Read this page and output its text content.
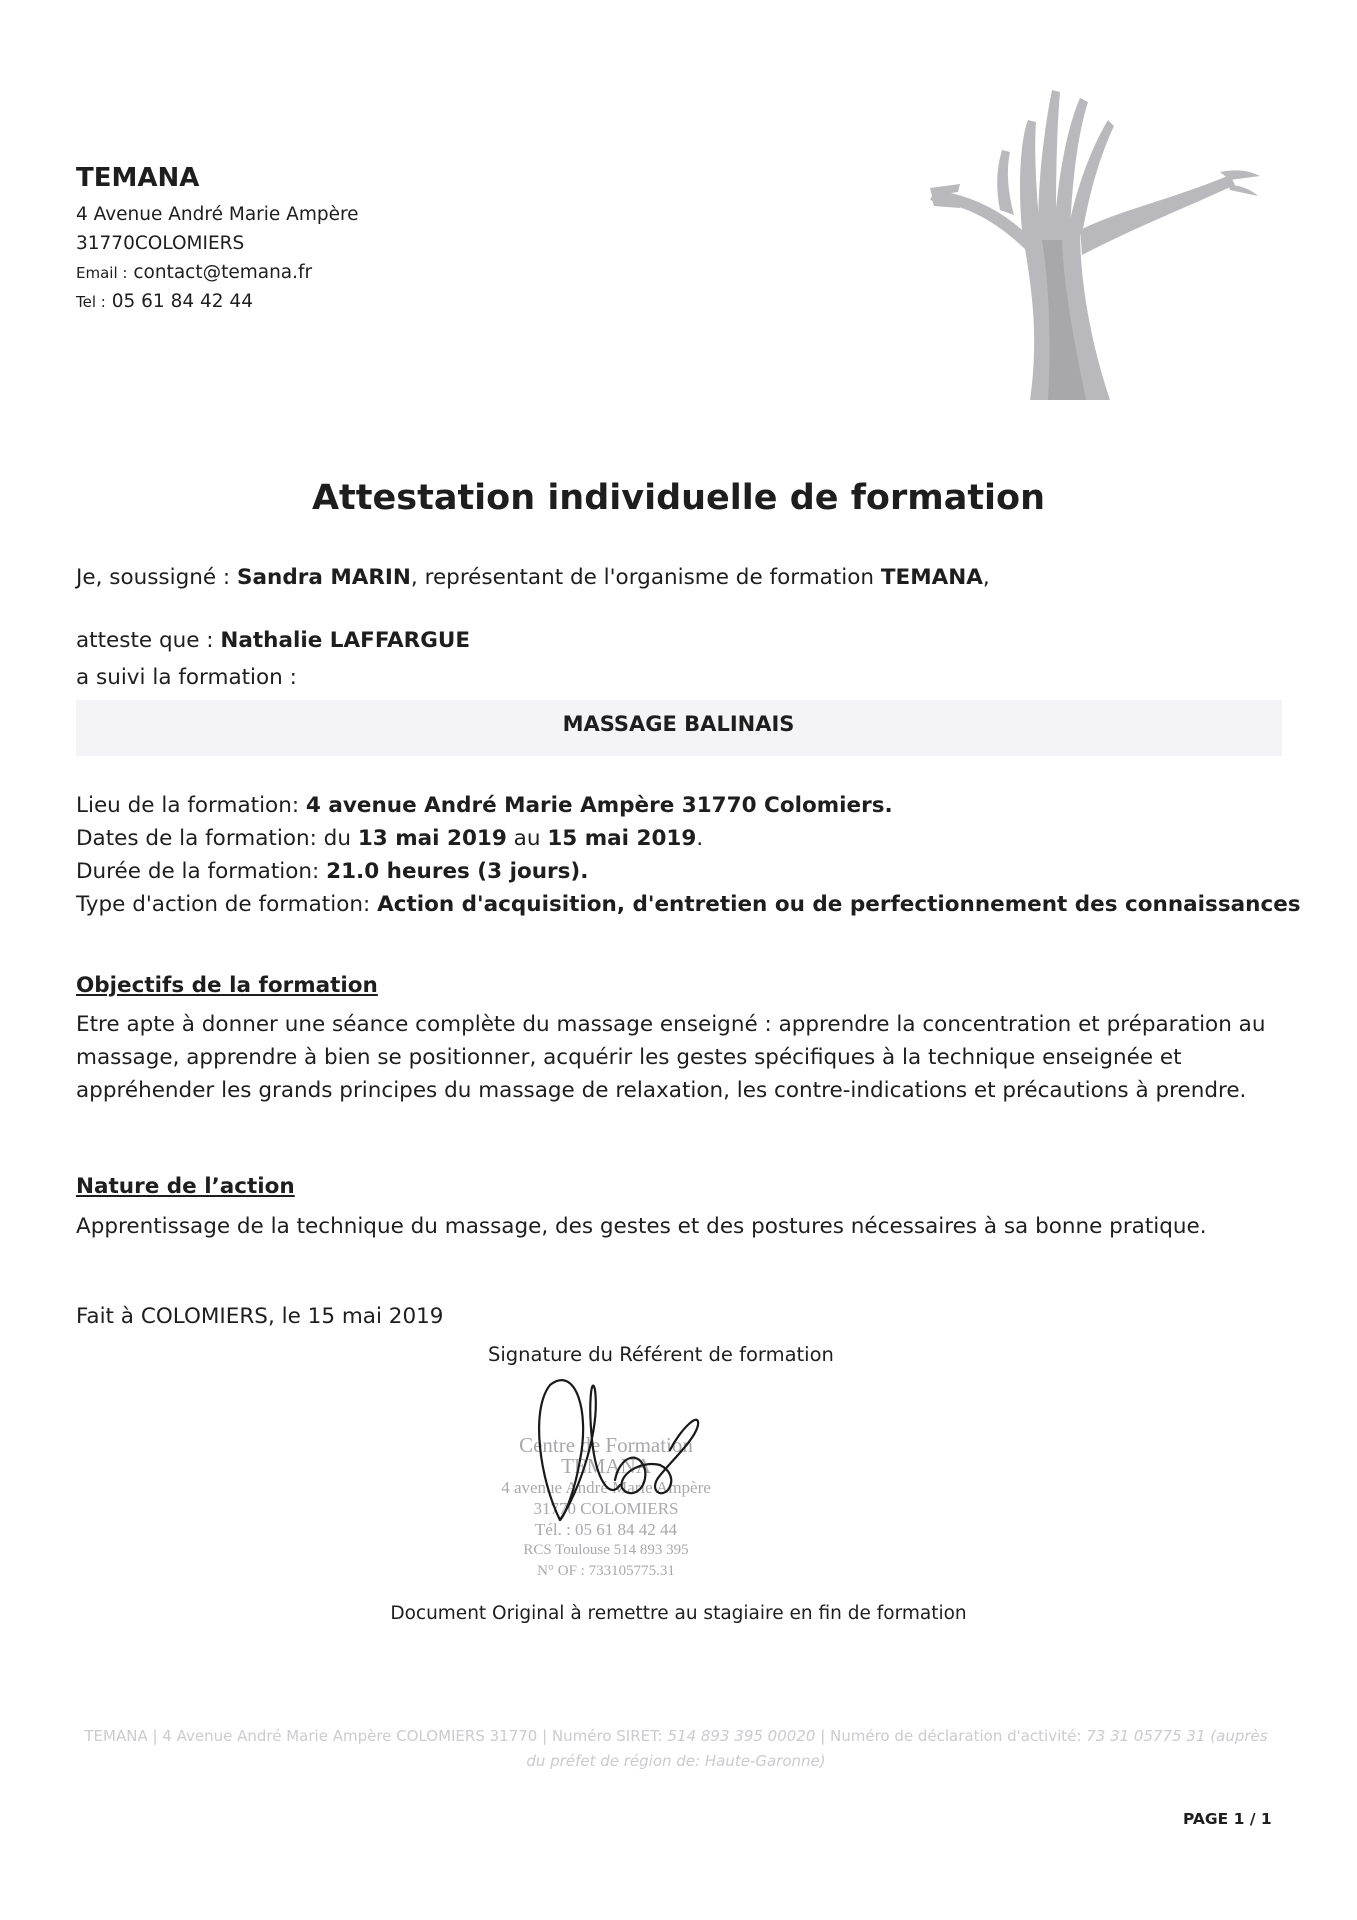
TEMANA
4 Avenue André Marie Ampère
31770COLOMIERS
Email : contact@temana.fr
Tel : 05 61 84 42 44
Attestation individuelle de formation
Je, soussigné : Sandra MARIN, représentant de l'organisme de formation TEMANA,
atteste que : Nathalie LAFFARGUE
a suivi la formation :
MASSAGE BALINAIS
Lieu de la formation: 4 avenue André Marie Ampère 31770 Colomiers.
Dates de la formation: du 13 mai 2019 au 15 mai 2019.
Durée de la formation: 21.0 heures (3 jours).
Type d'action de formation: Action d'acquisition, d'entretien ou de perfectionnement des connaissances
Objectifs de la formation
Etre apte à donner une séance complète du massage enseigné : apprendre la concentration et préparation au massage, apprendre à bien se positionner, acquérir les gestes spécifiques à la technique enseignée et appréhender les grands principes du massage de relaxation, les contre-indications et précautions à prendre.
Nature de l’action
Apprentissage de la technique du massage, des gestes et des postures nécessaires à sa bonne pratique.
Fait à COLOMIERS, le 15 mai 2019
Signature du Référent de formation
Centre de Formation TEMANA
4 avenue André Marie Ampère
31770 COLOMIERS
Tél. : 05 61 84 42 44
RCS Toulouse 514 893 395
N° OF : 733105775.31
Document Original à remettre au stagiaire en fin de formation
TEMANA | 4 Avenue André Marie Ampère COLOMIERS 31770 | Numéro SIRET: 514 893 395 00020 | Numéro de déclaration d'activité: 73 31 05775 31 (auprès du préfet de région de: Haute-Garonne)
PAGE 1 / 1
